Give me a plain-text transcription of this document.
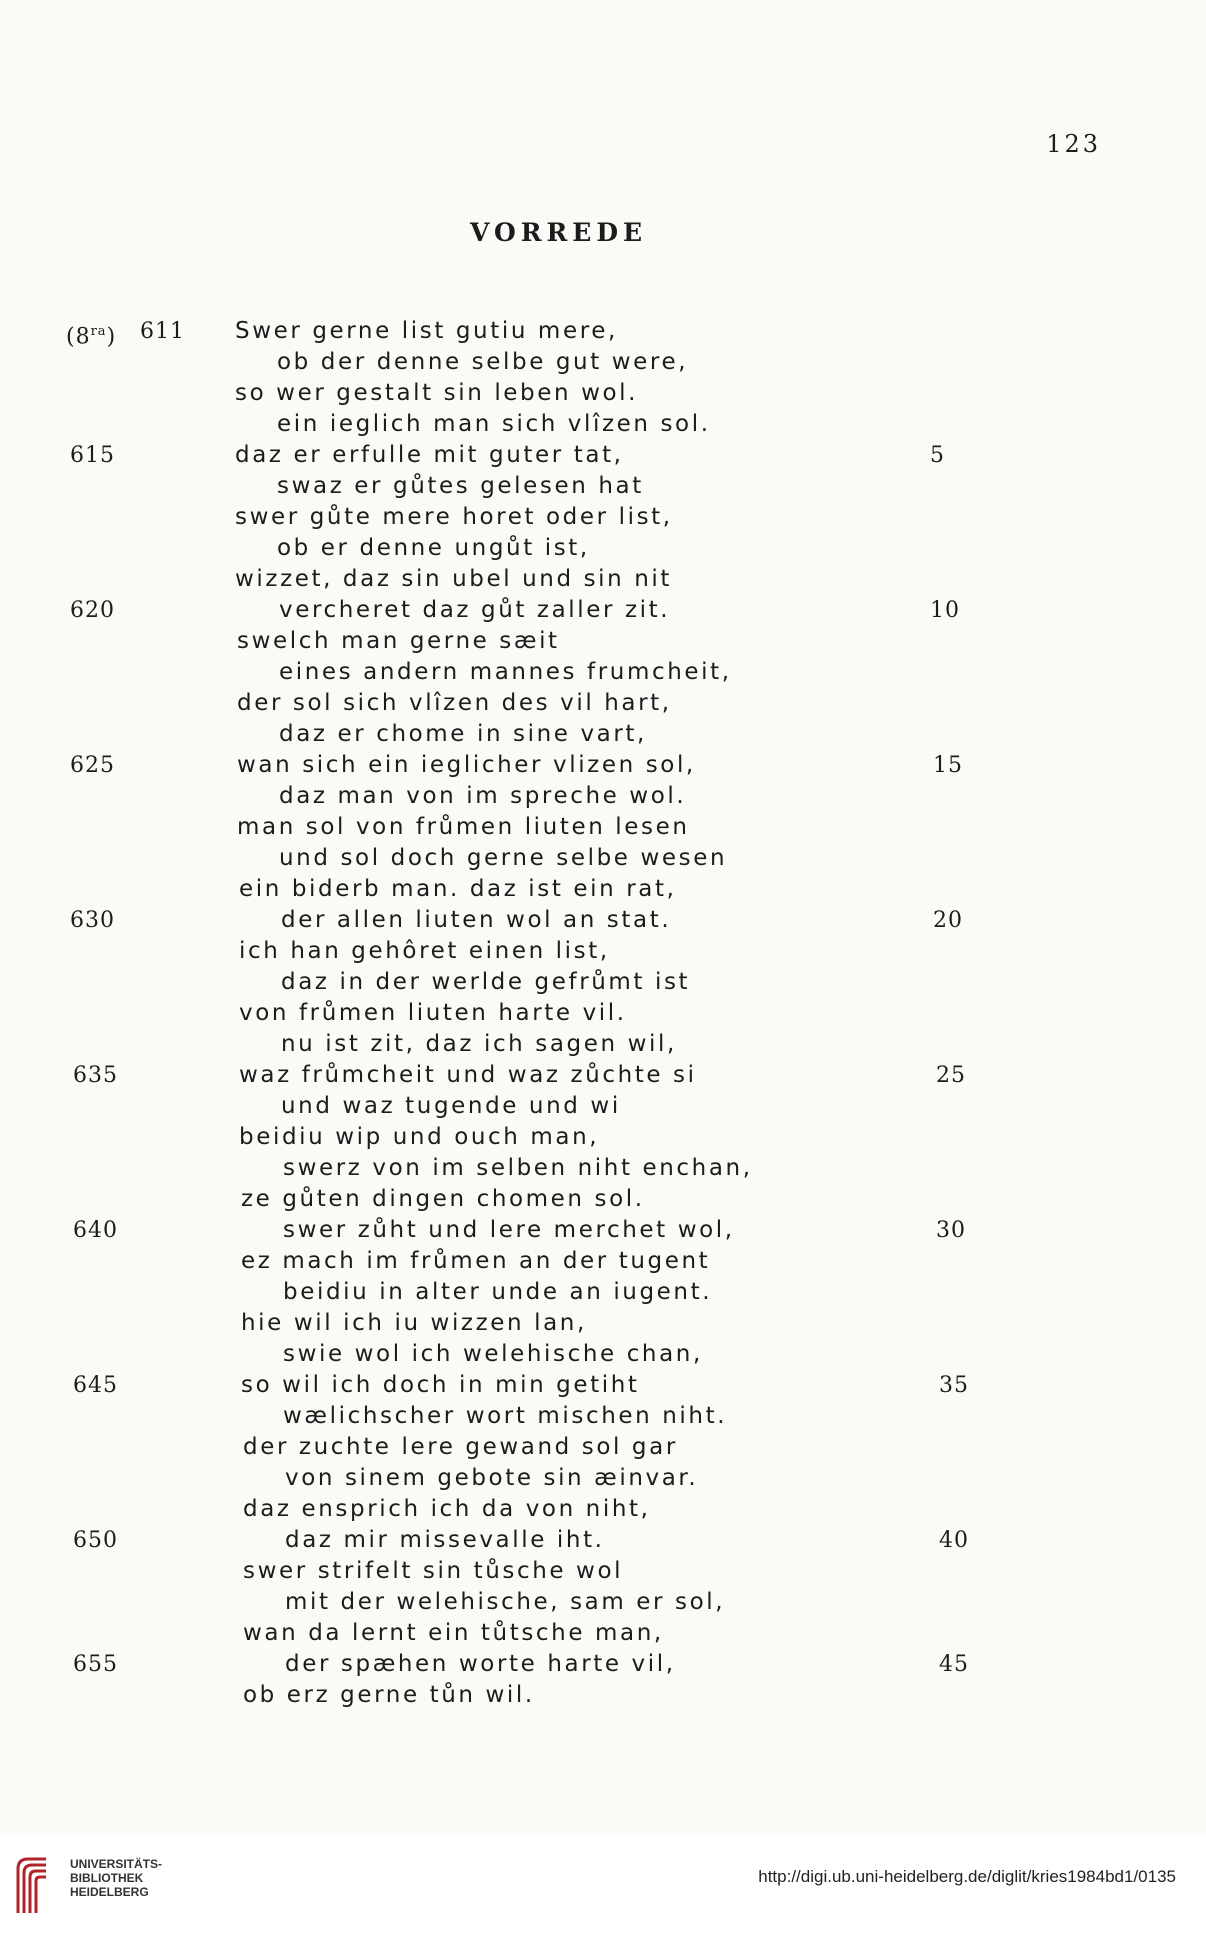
123
VORREDE
$(8^{ra})$ 611 Swer gerne list gutiu mere,
ob der denne selbe gut were,
so wer gestalt sin leben wol.
ein ieglich man sich vlîzen sol.
615	daz er erfulle mit guter tat,	5
swaz er gůtes gelesen hat
swer gůte mere horet oder list,
ob er denne ungůt ist,
wizzet, daz sin ubel und sin nit
620	vercheret daz gůt zaller zit.	10
swelch man gerne sæit
eines andern mannes frumcheit,
der sol sich vlîzen des vil hart,
daz er chome in sine vart,
625	wan sich ein ieglicher vlizen sol,	15
daz man von im spreche wol.
man sol von frůmen liuten lesen
und sol doch gerne selbe wesen
ein biderb man. daz ist ein rat,
630	der allen liuten wol an stat.	20
ich han gehôret einen list,
daz in der werlde gefrůmt ist
von frůmen liuten harte vil.
nu ist zit, daz ich sagen wil,
635	waz frůmcheit und waz zůchte si	25
und waz tugende und wi
beidiu wip und ouch man,
swerz von im selben niht enchan,
ze gůten dingen chomen sol.
640	swer zůht und lere merchet wol,	30
ez mach im frůmen an der tugent
beidiu in alter unde an iugent.
hie wil ich iu wizzen lan,
swie wol ich welehische chan,
645	so wil ich doch in min getiht	35
wælichscher wort mischen niht.
der zuchte lere gewand sol gar
von sinem gebote sin æinvar.
daz ensprich ich da von niht,
650	daz mir missevalle iht.	40
swer strifelt sin tůsche wol
mit der welehische, sam er sol,
wan da lernt ein tůtsche man,
655	der spæhen worte harte vil,	45
ob erz gerne tůn wil.
UNIVERSITÄTS-
BIBLIOTHEK
HEIDELBERG
http://digi.ub.uni-heidelberg.de/diglit/kries1984bd1/0135
